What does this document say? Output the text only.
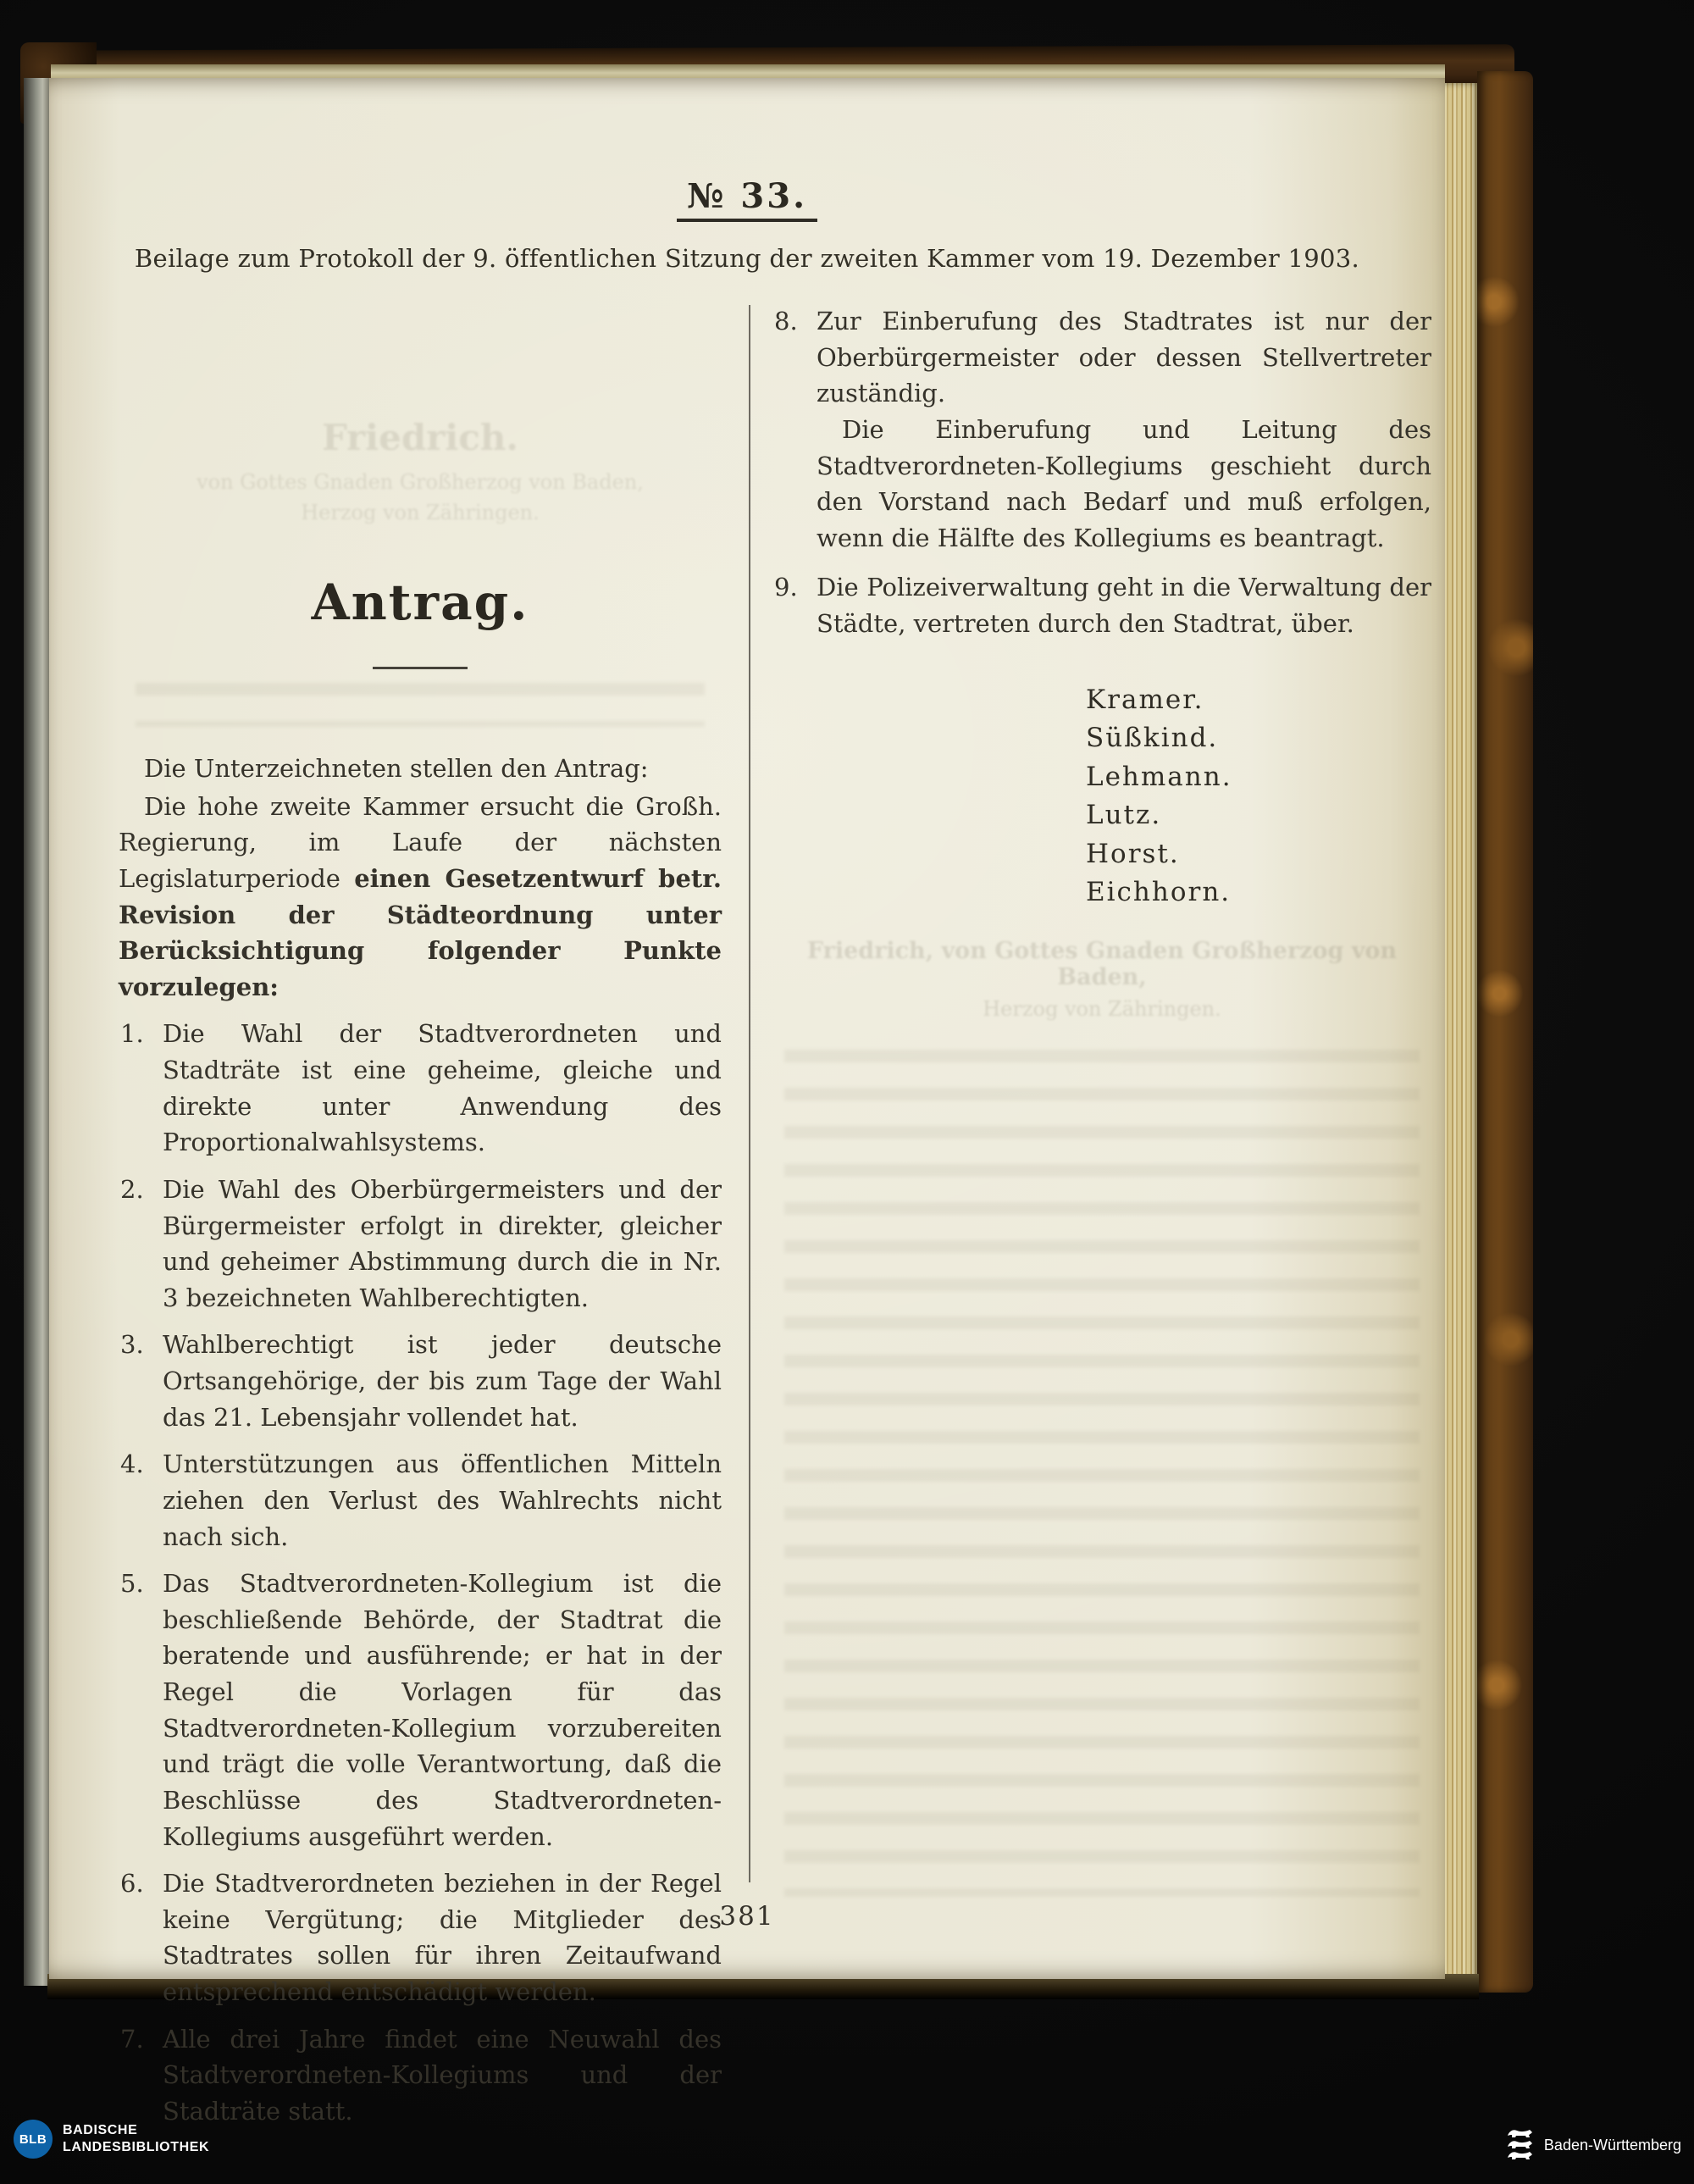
№ 33.
Beilage zum Protokoll der 9. öffentlichen Sitzung der zweiten Kammer vom 19. Dezember 1903.
Friedrich.
von Gottes Gnaden Großherzog von Baden,
Herzog von Zähringen.
Antrag.

Die Unterzeichneten stellen den Antrag:

Die hohe zweite Kammer ersucht die Großh. Regierung, im Laufe der nächsten Legislaturperiode einen Gesetzentwurf betr. Revision der Städteordnung unter Berücksichtigung folgender Punkte vorzulegen:

1. Die Wahl der Stadtverordneten und Stadträte ist eine geheime, gleiche und direkte unter Anwendung des Proportionalwahlsystems.
2. Die Wahl des Oberbürgermeisters und der Bürgermeister erfolgt in direkter, gleicher und geheimer Abstimmung durch die in Nr. 3 bezeichneten Wahlberechtigten.
3. Wahlberechtigt ist jeder deutsche Ortsangehörige, der bis zum Tage der Wahl das 21. Lebensjahr vollendet hat.
4. Unterstützungen aus öffentlichen Mitteln ziehen den Verlust des Wahlrechts nicht nach sich.
5. Das Stadtverordneten-Kollegium ist die beschließende Behörde, der Stadtrat die beratende und ausführende; er hat in der Regel die Vorlagen für das Stadtverordneten-Kollegium vorzubereiten und trägt die volle Verantwortung, daß die Beschlüsse des Stadtverordneten-Kollegiums ausgeführt werden.
6. Die Stadtverordneten beziehen in der Regel keine Vergütung; die Mitglieder des Stadtrates sollen für ihren Zeitaufwand entsprechend entschädigt werden.
7. Alle drei Jahre findet eine Neuwahl des Stadtverordneten-Kollegiums und der Stadträte statt.
8. Zur Einberufung des Stadtrates ist nur der Oberbürgermeister oder dessen Stellvertreter zuständig.

Die Einberufung und Leitung des Stadtverordneten-Kollegiums geschieht durch den Vorstand nach Bedarf und muß erfolgen, wenn die Hälfte des Kollegiums es beantragt.

9. Die Polizeiverwaltung geht in die Verwaltung der Städte, vertreten durch den Stadtrat, über.

Kramer.
Süßkind.
Lehmann.
Lutz.
Horst.
Eichhorn.
Friedrich, von Gottes Gnaden Großherzog von Baden,
Herzog von Zähringen.
381
BLB
BADISCHE
LANDESBIBLIOTHEK	Baden-Württemberg
